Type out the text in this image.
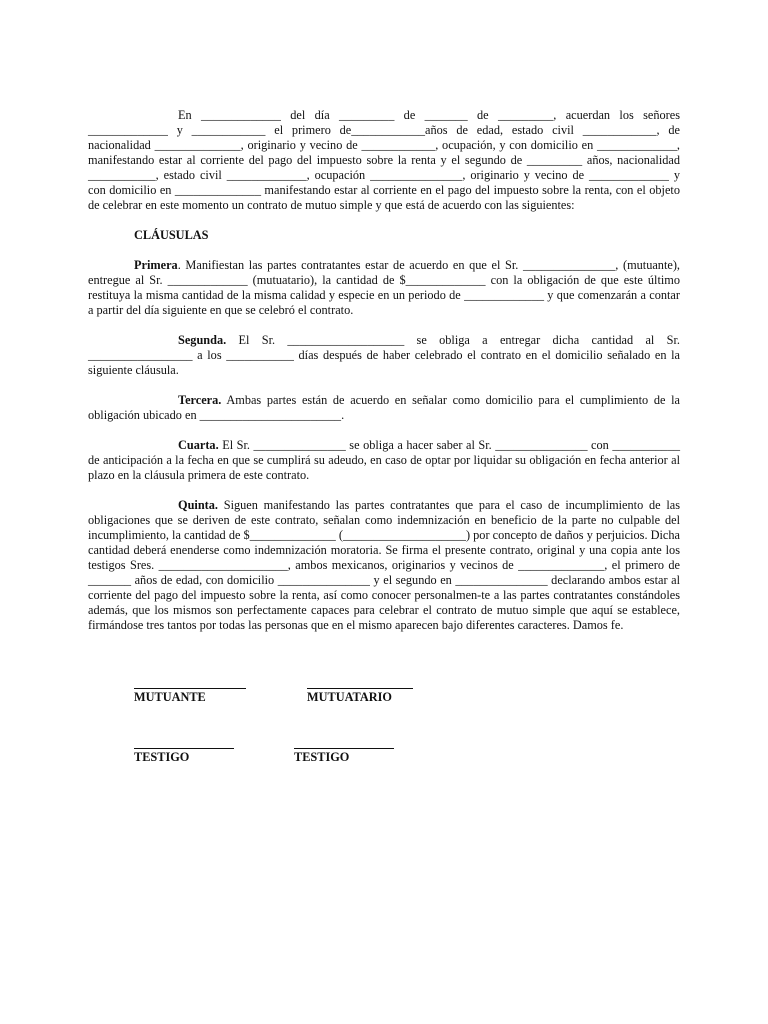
En _____________ del día _________ de _______ de _________, acuerdan los señores _____________ y ____________ el primero de____________años de edad, estado civil ____________, de nacionalidad ______________, originario y vecino de ____________, ocupación, y con domicilio en _____________, manifestando estar al corriente del pago del impuesto sobre la renta y el segundo de _________ años, nacionalidad ___________, estado civil _____________, ocupación _______________, originario y vecino de _____________ y con domicilio en ______________ manifestando estar al corriente en el pago del impuesto sobre la renta, con el objeto de celebrar en este momento un contrato de mutuo simple y que está de acuerdo con las siguientes:

CLÁUSULAS

Primera. Manifiestan las partes contratantes estar de acuerdo en que el Sr. _______________, (mutuante), entregue al Sr. _____________ (mutuatario), la cantidad de $_____________ con la obligación de que este último restituya la misma cantidad de la misma calidad y especie en un periodo de _____________ y que comenzarán a contar a partir del día siguiente en que se celebró el contrato.

Segunda. El Sr. ___________________ se obliga a entregar dicha cantidad al Sr. _________________ a los ___________ días después de haber celebrado el contrato en el domicilio señalado en la siguiente cláusula.

Tercera. Ambas partes están de acuerdo en señalar como domicilio para el cumplimiento de la obligación ubicado en _______________________.

Cuarta. El Sr. _______________ se obliga a hacer saber al Sr. _______________ con ___________ de anticipación a la fecha en que se cumplirá su adeudo, en caso de optar por liquidar su obligación en fecha anterior al plazo en la cláusula primera de este contrato.

Quinta. Siguen manifestando las partes contratantes que para el caso de incumplimiento de las obligaciones que se deriven de este contrato, señalan como indemnización en beneficio de la parte no culpable del incumplimiento, la cantidad de $______________ (____________________) por concepto de daños y perjuicios. Dicha cantidad deberá enenderse como indemnización moratoria. Se firma el presente contrato, original y una copia ante los testigos Sres. _____________________, ambos mexicanos, originarios y vecinos de ______________, el primero de _______ años de edad, con domicilio _______________ y el segundo en _______________ declarando ambos estar al corriente del pago del impuesto sobre la renta, así como conocer personalmen-te a las partes contratantes constándoles además, que los mismos son perfectamente capaces para celebrar el contrato de mutuo simple que aquí se establece, firmándose tres tantos por todas las personas que en el mismo aparecen bajo diferentes caracteres. Damos fe.

MUTUANTE	MUTUATARIO
TESTIGO	TESTIGO
